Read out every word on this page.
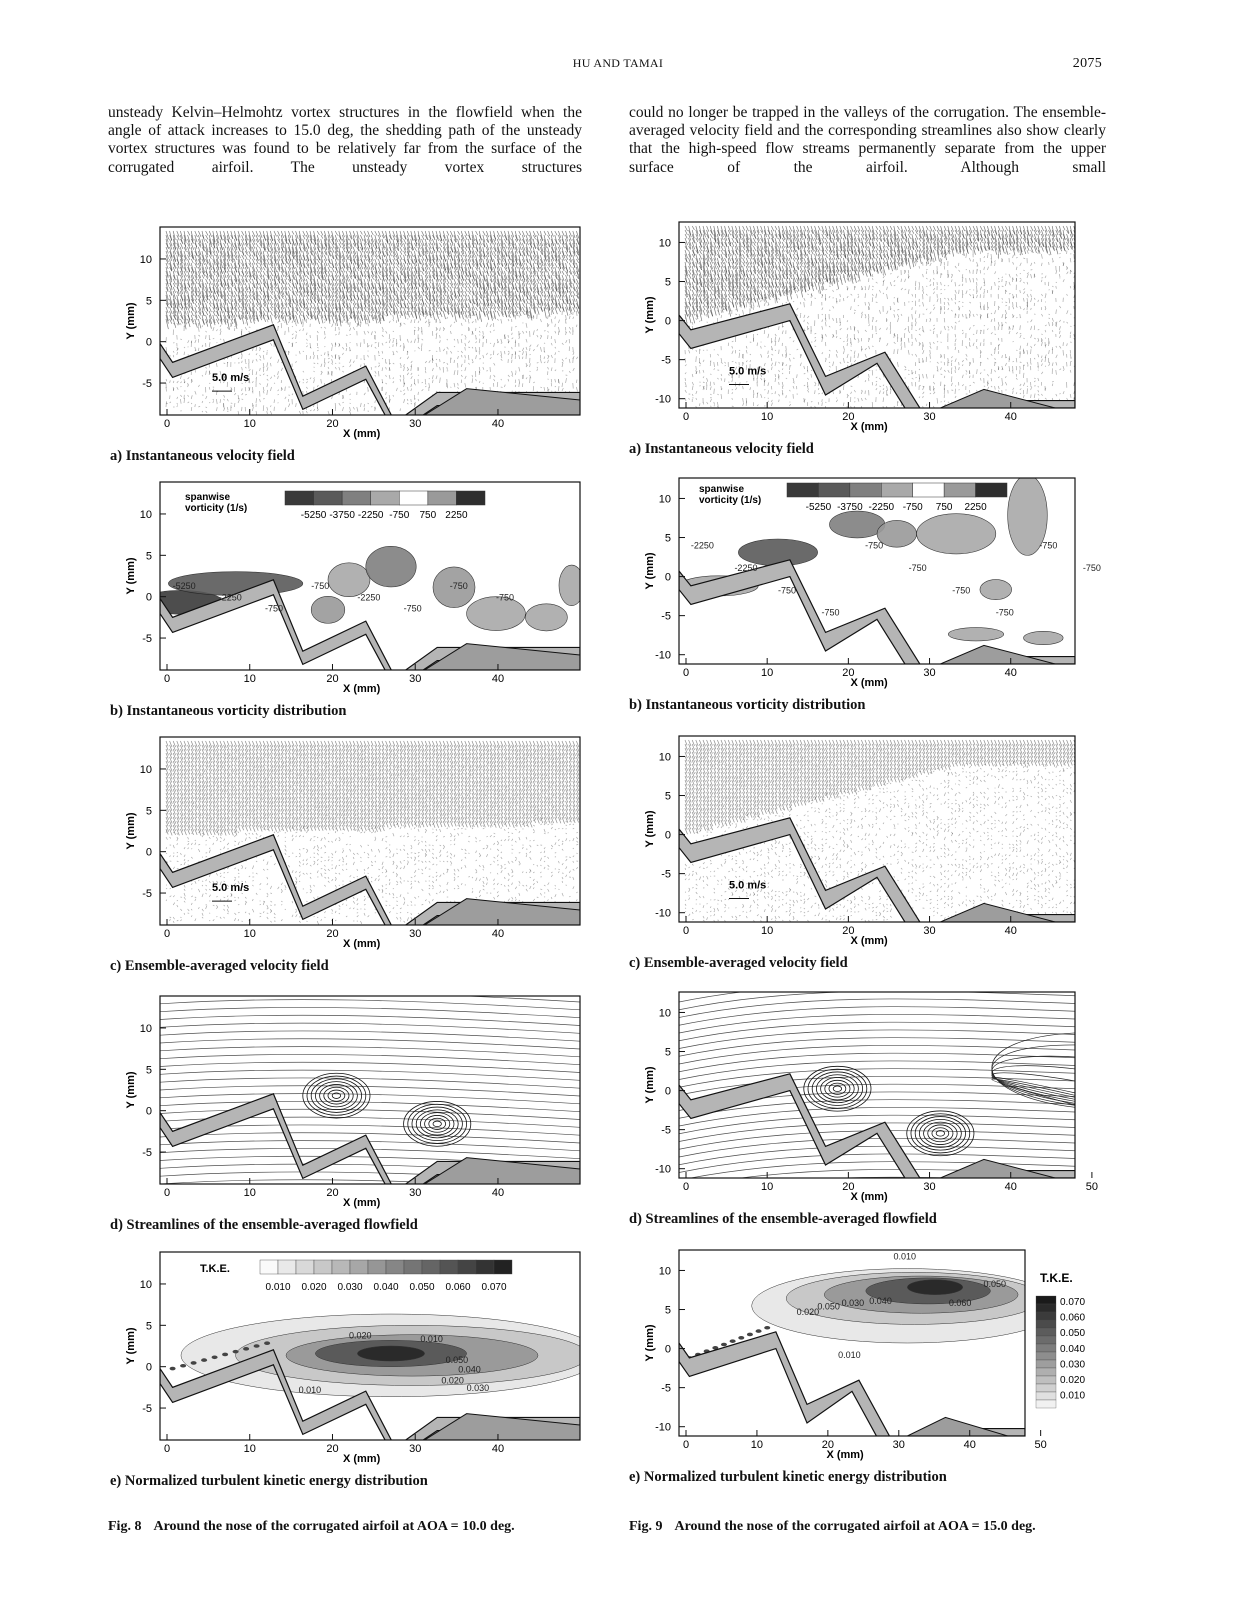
HU AND TAMAI	2075
unsteady Kelvin–Helmohtz vortex structures in the flowfield when the angle of attack increases to 15.0 deg, the shedding path of the unsteady vortex structures was found to be relatively far from the surface of the corrugated airfoil. The unsteady vortex structures
could no longer be trapped in the valleys of the corrugation. The ensemble-averaged velocity field and the corresponding streamlines also show clearly that the high-speed flow streams permanently separate from the upper surface of the airfoil. Although small
5.0 m/s
10
5
0
-5
Y (mm)
0	10	20	30	40
X (mm)
a) Instantaneous velocity field
-5250
-2250
-750
-750
-2250
-750
-750
-750
spanwise
vorticity (1/s)
-5250 -3750 -2250 -750 750 2250
10
5
0
-5
Y (mm)
0	10	20	30	40
X (mm)
b) Instantaneous vorticity distribution
5.0 m/s
10
5
0
-5
Y (mm)
0	10	20	30	40
X (mm)
c) Ensemble-averaged velocity field
10
5
0
-5
Y (mm)
0	10	20	30	40
X (mm)
d) Streamlines of the ensemble-averaged flowfield
0.020	0.010
0.010
0.050
0.040
0.020
0.030
T.K.E.
0.010 0.020 0.030 0.040 0.050 0.060 0.070
10
5
0
-5
Y (mm)
0	10	20	30	40
X (mm)
e) Normalized turbulent kinetic energy distribution
5.0 m/s
10
5
0
-5
-10
Y (mm)
0	10	20	30	40
X (mm)
a) Instantaneous velocity field
-2250
-2250
-750
-750
-750
-750
-750
-750
-750
-750
spanwise
vorticity (1/s)
-5250 -3750 -2250 -750 750 2250
10
5
0
-5
-10
Y (mm)
0	10	20	30	40
X (mm)
b) Instantaneous vorticity distribution
5.0 m/s
10
5
0
-5
-10
Y (mm)
0	10	20	30	40
X (mm)
c) Ensemble-averaged velocity field
10
5
0
-5
-10
Y (mm)
0	10	20	30	40	50
X (mm)
d) Streamlines of the ensemble-averaged flowfield
0.020
0.050 0.030 0.040	0.060
0.050
0.010
0.010
10
5
0
-5
-10
Y (mm)
0	10	20	30	40	50
X (mm)
e) Normalized turbulent kinetic energy distribution
T.K.E.
0.070
0.060
0.050
0.040
0.030
0.020
0.010
Fig. 8 Around the nose of the corrugated airfoil at AOA = 10.0 deg.	Fig. 9 Around the nose of the corrugated airfoil at AOA = 15.0 deg.
